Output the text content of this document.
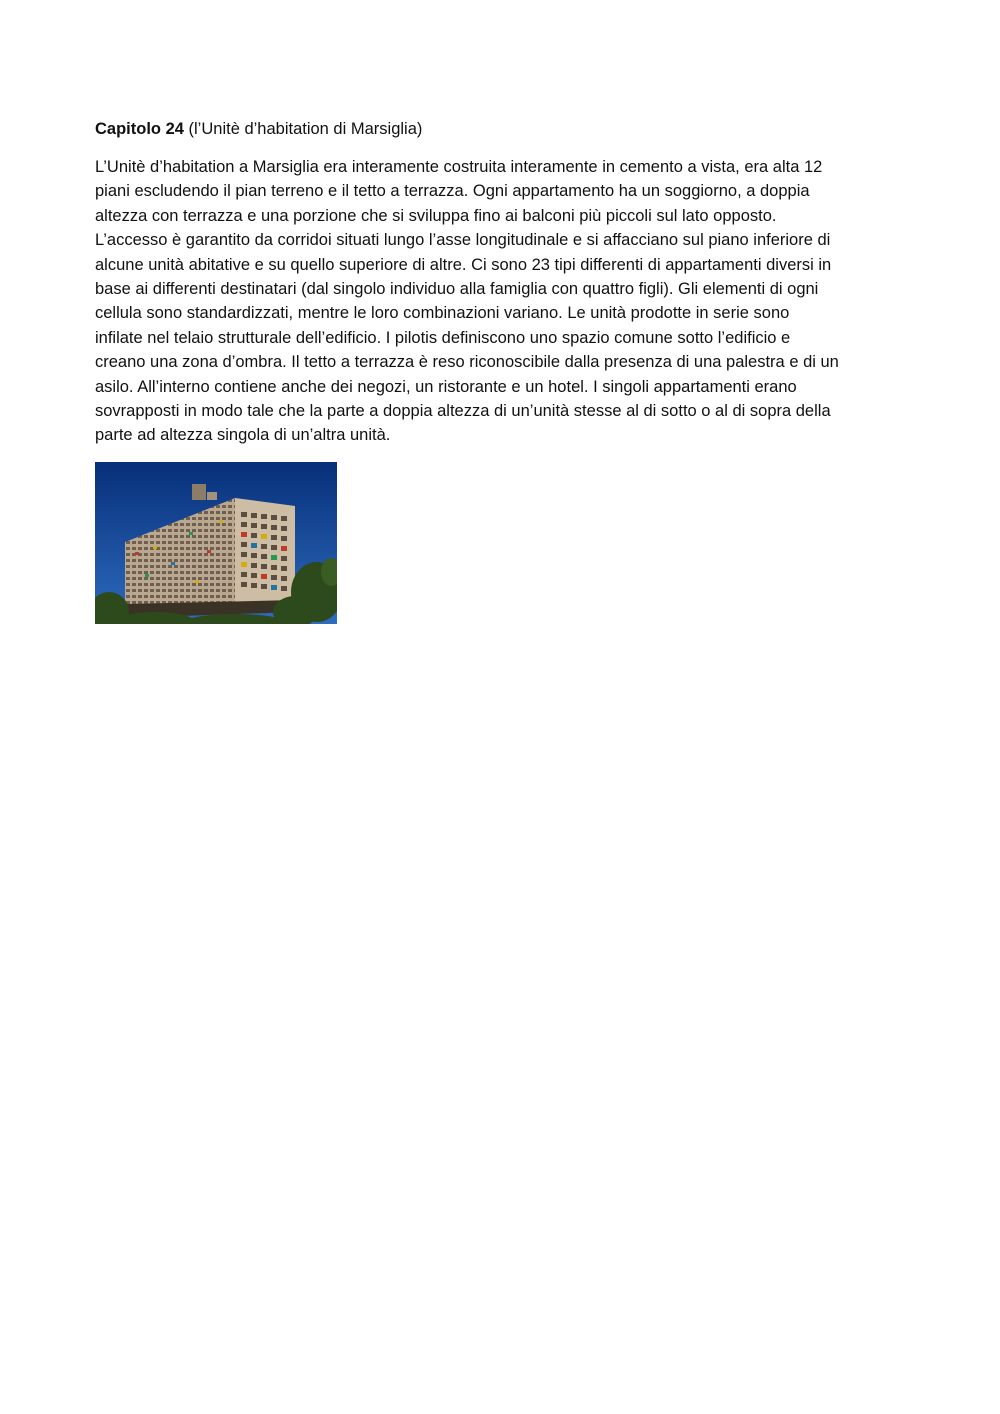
Capitolo 24 (l’Unitè d’habitation di Marsiglia)

L’Unitè d’habitation a Marsiglia era interamente costruita interamente in cemento a vista, era alta 12
piani escludendo il pian terreno e il tetto a terrazza. Ogni appartamento ha un soggiorno, a doppia
altezza con terrazza e una porzione che si sviluppa fino ai balconi più piccoli sul lato opposto.
L’accesso è garantito da corridoi situati lungo l’asse longitudinale e si affacciano sul piano inferiore di
alcune unità abitative e su quello superiore di altre. Ci sono 23 tipi differenti di appartamenti diversi in
base ai differenti destinatari (dal singolo individuo alla famiglia con quattro figli). Gli elementi di ogni
cellula sono standardizzati, mentre le loro combinazioni variano. Le unità prodotte in serie sono
infilate nel telaio strutturale dell’edificio. I pilotis definiscono uno spazio comune sotto l’edificio e
creano una zona d’ombra. Il tetto a terrazza è reso riconoscibile dalla presenza di una palestra e di un
asilo. All’interno contiene anche dei negozi, un ristorante e un hotel. I singoli appartamenti erano
sovrapposti in modo tale che la parte a doppia altezza di un’unità stesse al di sotto o al di sopra della
parte ad altezza singola di un’altra unità.
